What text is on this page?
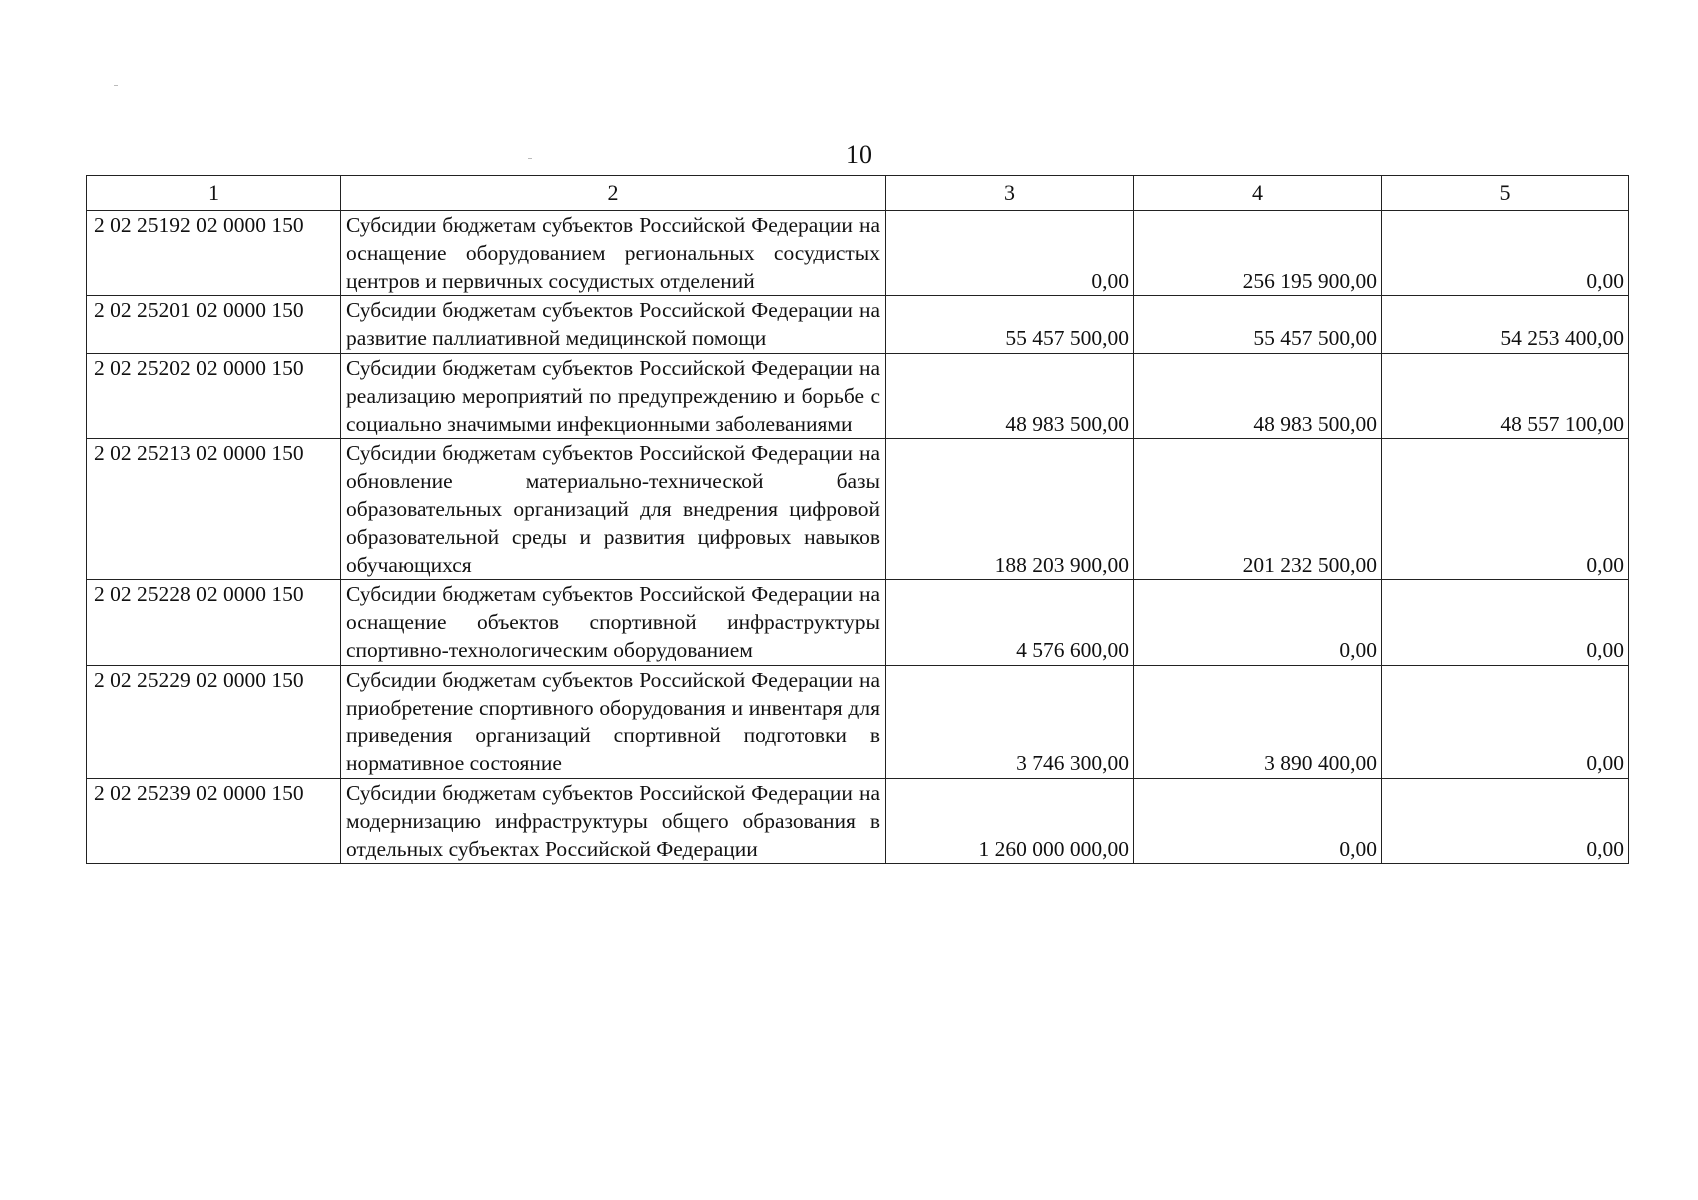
10
1	2	3	4	5
2 02 25192 02 0000 150	Субсидии бюджетам субъектов Российской Федерации на оснащение оборудованием региональных сосудистых центров и первичных сосудистых отделений	0,00	256 195 900,00	0,00
2 02 25201 02 0000 150	Субсидии бюджетам субъектов Российской Федерации на развитие паллиативной медицинской помощи	55 457 500,00	55 457 500,00	54 253 400,00
2 02 25202 02 0000 150	Субсидии бюджетам субъектов Российской Федерации на реализацию мероприятий по предупреждению и борьбе с социально значимыми инфекционными заболеваниями	48 983 500,00	48 983 500,00	48 557 100,00
2 02 25213 02 0000 150	Субсидии бюджетам субъектов Российской Федерации на обновление материально-технической базы образовательных организаций для внедрения цифровой образовательной среды и развития цифровых навыков обучающихся	188 203 900,00	201 232 500,00	0,00
2 02 25228 02 0000 150	Субсидии бюджетам субъектов Российской Федерации на оснащение объектов спортивной инфраструктуры спортивно-технологическим оборудованием	4 576 600,00	0,00	0,00
2 02 25229 02 0000 150	Субсидии бюджетам субъектов Российской Федерации на приобретение спортивного оборудования и инвентаря для приведения организаций спортивной подготовки в нормативное состояние	3 746 300,00	3 890 400,00	0,00
2 02 25239 02 0000 150	Субсидии бюджетам субъектов Российской Федерации на модернизацию инфраструктуры общего образования в отдельных субъектах Российской Федерации	1 260 000 000,00	0,00	0,00
